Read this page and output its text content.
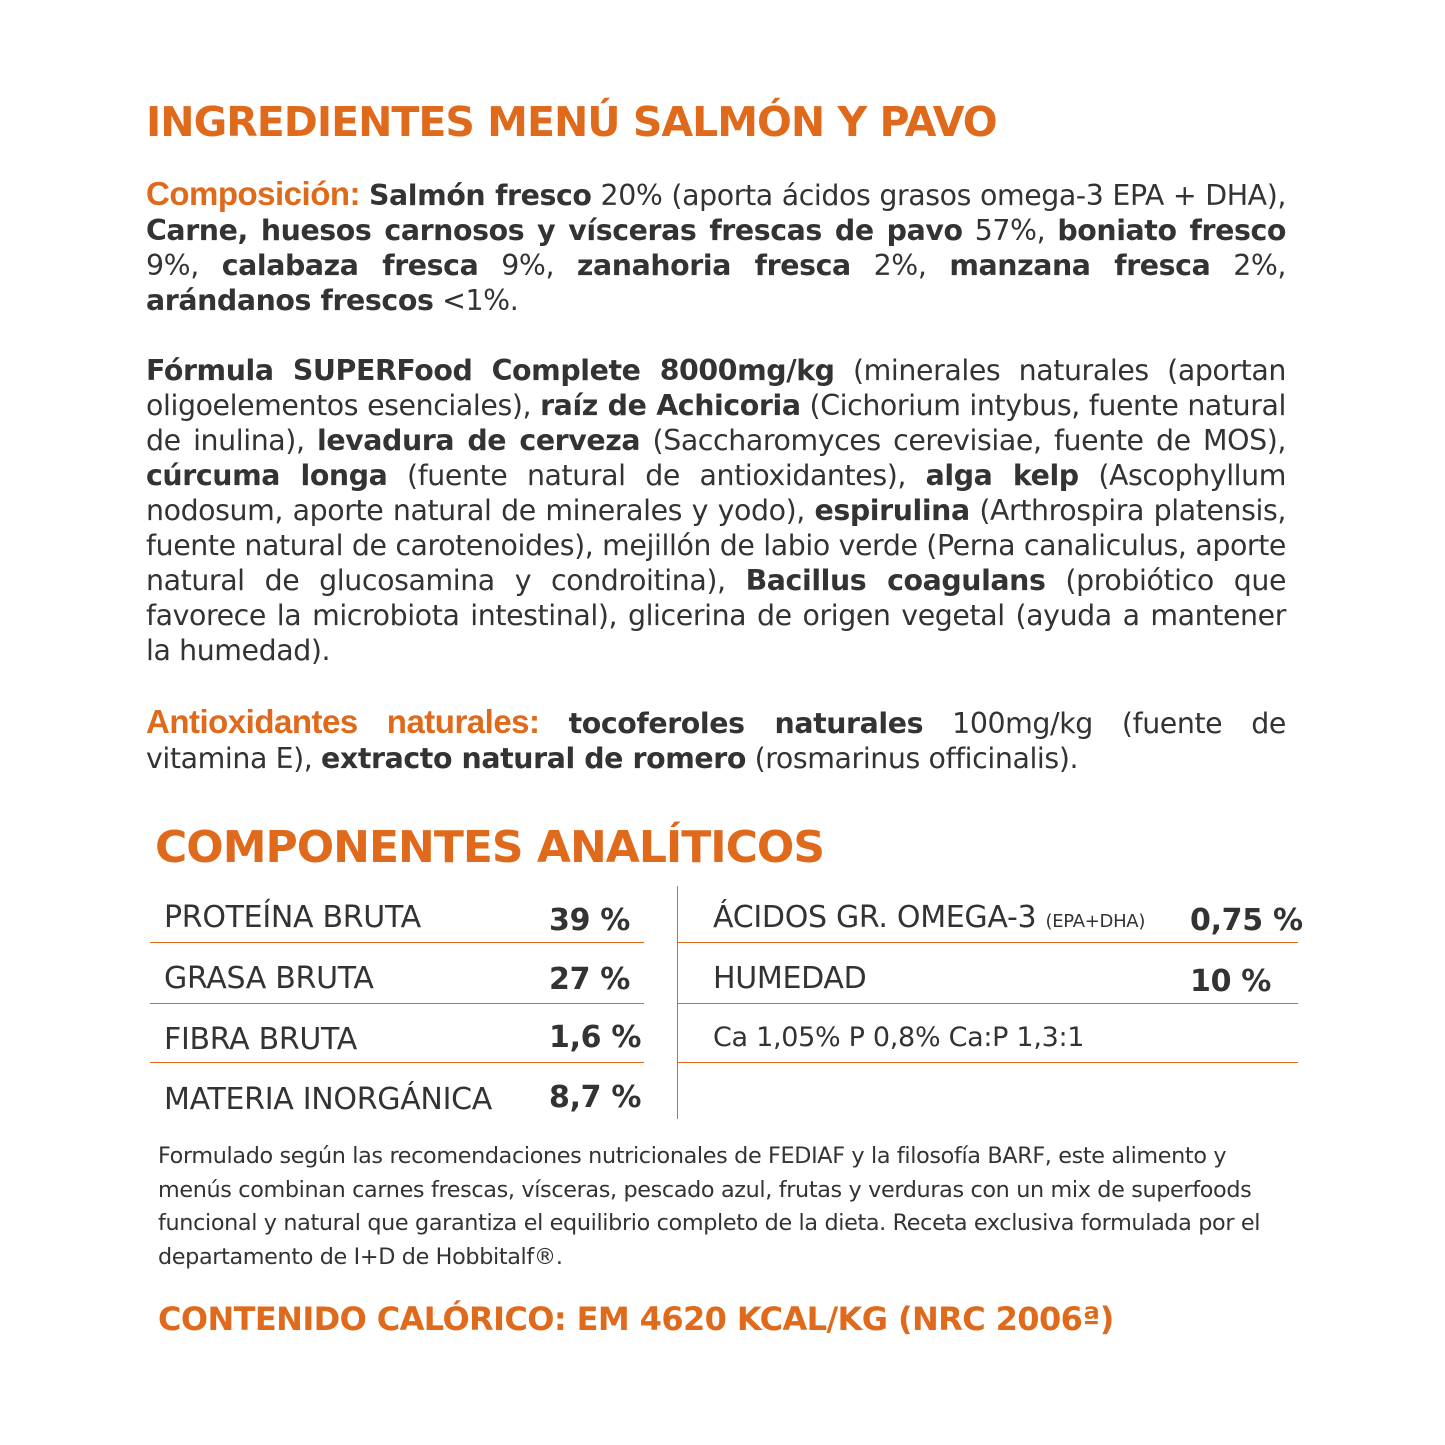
INGREDIENTES MENÚ SALMÓN Y PAVO

Composición: Salmón fresco 20% (aporta ácidos grasos omega-3 EPA + DHA), Carne, huesos carnosos y vísceras frescas de pavo 57%, boniato fresco 9%, calabaza fresca 9%, zanahoria fresca 2%, manzana fresca 2%, arándanos frescos <1%.

Fórmula SUPERFood Complete 8000mg/kg (minerales naturales (aportan oligoelementos esenciales), raíz de Achicoria (Cichorium intybus, fuente natural de inulina), levadura de cerveza (Saccharomyces cerevisiae, fuente de MOS), cúrcuma longa (fuente natural de antioxidantes), alga kelp (Ascophyllum nodosum, aporte natural de minerales y yodo), espirulina (Arthrospira platensis, fuente natural de carotenoides), mejillón de labio verde (Perna canaliculus, aporte natural de glucosamina y condroitina), Bacillus coagulans (probiótico que favorece la microbiota intestinal), glicerina de origen vegetal (ayuda a mantener la humedad).

Antioxidantes naturales: tocoferoles naturales 100mg/kg (fuente de vitamina E), extracto natural de romero (rosmarinus officinalis).

COMPONENTES ANALÍTICOS
PROTEÍNA BRUTA	39 %
GRASA BRUTA	27 %
FIBRA BRUTA	1,6 %
MATERIA INORGÁNICA 8,7 %
ÁCIDOS GR. OMEGA-3 (EPA+DHA) 0,75 %
HUMEDAD	10 %
Ca 1,05% P 0,8% Ca:P 1,3:1

Formulado según las recomendaciones nutricionales de FEDIAF y la filosofía BARF, este alimento y menús combinan carnes frescas, vísceras, pescado azul, frutas y verduras con un mix de superfoods funcional y natural que garantiza el equilibrio completo de la dieta. Receta exclusiva formulada por el departamento de I+D de Hobbitalf®.

CONTENIDO CALÓRICO: EM 4620 KCAL/KG (NRC 2006ª)
